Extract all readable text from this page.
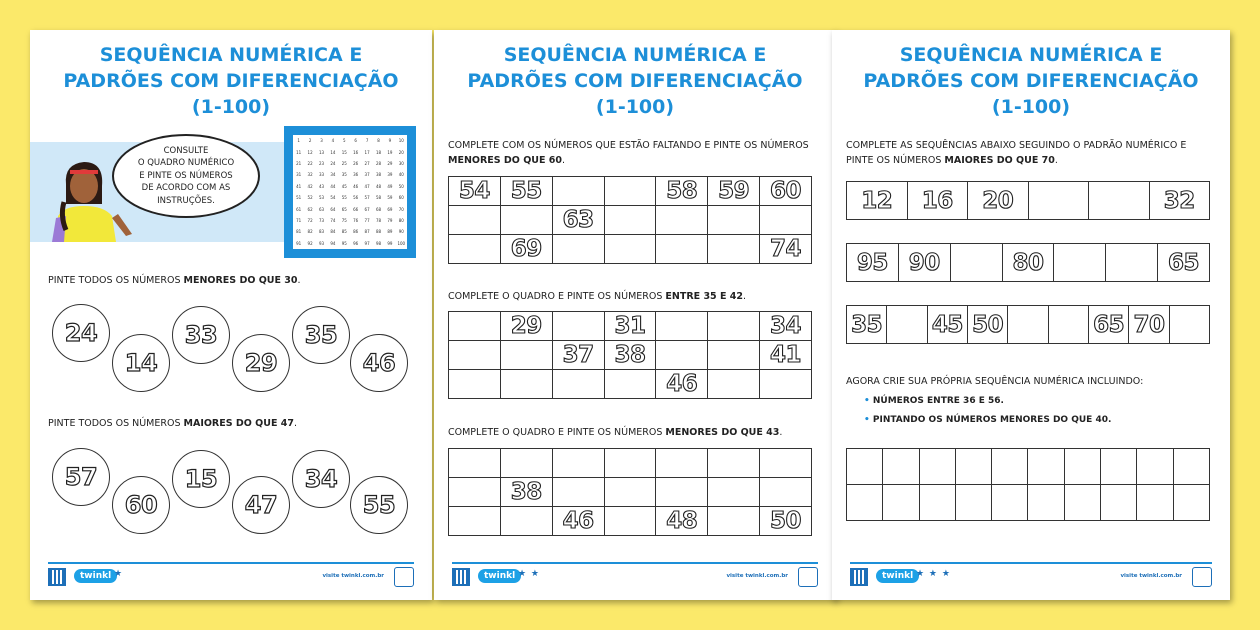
SEQUÊNCIA NUMÉRICA E
PADRÕES COM DIFERENCIAÇÃO
(1-100)
CONSULTE
O QUADRO NUMÉRICO
E PINTE OS NÚMEROS
DE ACORDO COM AS
INSTRUÇÕES.
1	2	3	4	5	6	7	8	9	10
11	12	13	14	15	16	17	18	19	20
21	22	23	24	25	26	27	28	29	30
31	32	33	34	35	36	37	38	39	40
41	42	43	44	45	46	47	48	49	50
51	52	53	54	55	56	57	58	59	60
61	62	63	64	65	66	67	68	69	70
71	72	73	74	75	76	77	78	79	80
81	82	83	84	85	86	87	88	89	90
91	92	93	94	95	96	97	98	99	100
PINTE TODOS OS NÚMEROS MENORES DO QUE 30.
24
14
33
29
35
46
PINTE TODOS OS NÚMEROS MAIORES DO QUE 47.
57
60
15
47
34
55
twinkl ★	visite twinkl.com.br
SEQUÊNCIA NUMÉRICA E
PADRÕES COM DIFERENCIAÇÃO
(1-100)
COMPLETE COM OS NÚMEROS QUE ESTÃO FALTANDO E PINTE OS NÚMEROS MENORES DO QUE 60.
54	55			58	59	60
		63				
	69					74
COMPLETE O QUADRO E PINTE OS NÚMEROS ENTRE 35 E 42.
	29		31			34
		37	38			41
				46		
COMPLETE O QUADRO E PINTE OS NÚMEROS MENORES DO QUE 43.

	38					
		46		48		50
twinkl ★ ★	visite twinkl.com.br
SEQUÊNCIA NUMÉRICA E
PADRÕES COM DIFERENCIAÇÃO
(1-100)
COMPLETE AS SEQUÊNCIAS ABAIXO SEGUINDO O PADRÃO NUMÉRICO E PINTE OS NÚMEROS MAIORES DO QUE 70.
12	16	20			32
95	90		80			65
35		45	50			65	70	
AGORA CRIE SUA PRÓPRIA SEQUÊNCIA NUMÉRICA INCLUINDO:
• NÚMEROS ENTRE 36 E 56.
• PINTANDO OS NÚMEROS MENORES DO QUE 40.

twinkl ★ ★ ★	visite twinkl.com.br
